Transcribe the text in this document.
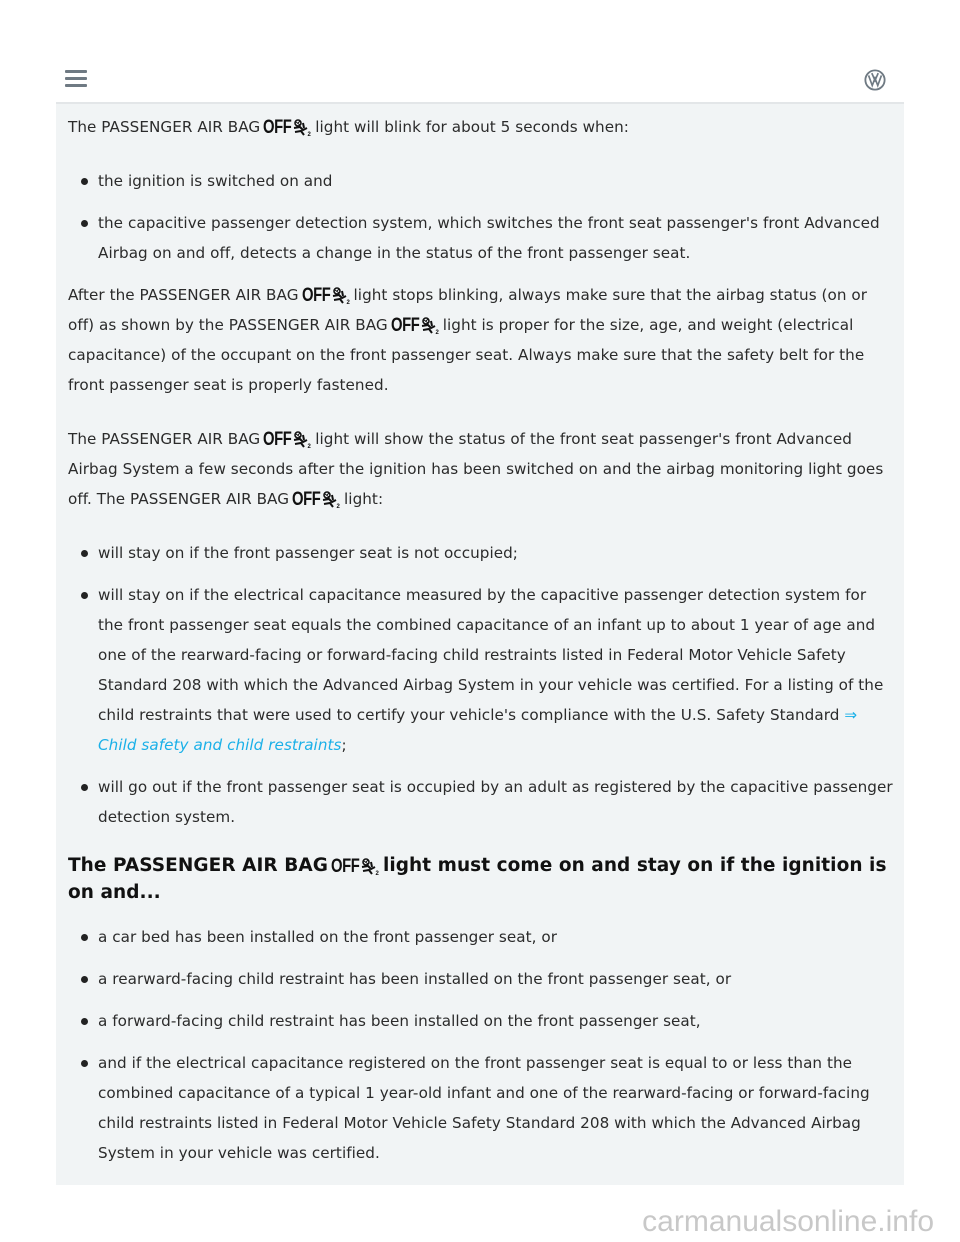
The PASSENGER AIR BAG OFF	2 light will blink for about 5 seconds when:

the ignition is switched on and
the capacitive passenger detection system, which switches the front seat passenger's front Advanced Airbag on and off, detects a change in the status of the front passenger seat.

After the PASSENGER AIR BAG OFF	2 light stops blinking, always make sure that the airbag status (on or off) as shown by the PASSENGER AIR BAG OFF	2 light is proper for the size, age, and weight (electrical capacitance) of the occupant on the front passenger seat. Always make sure that the safety belt for the front passenger seat is properly fastened.

The PASSENGER AIR BAG OFF	2 light will show the status of the front seat passenger's front Advanced Airbag System a few seconds after the ignition has been switched on and the airbag monitoring light goes off. The PASSENGER AIR BAG OFF	2 light:

will stay on if the front passenger seat is not occupied;
will stay on if the electrical capacitance measured by the capacitive passenger detection system for the front passenger seat equals the combined capacitance of an infant up to about 1 year of age and one of the rearward-facing or forward-facing child restraints listed in Federal Motor Vehicle Safety Standard 208 with which the Advanced Airbag System in your vehicle was certified. For a listing of the child restraints that were used to certify your vehicle's compliance with the U.S. Safety Standard ⇒ Child safety and child restraints;
will go out if the front passenger seat is occupied by an adult as registered by the capacitive passenger detection system.
The PASSENGER AIR BAG OFF	2 light must come on and stay on if the ignition is on and...
a car bed has been installed on the front passenger seat, or
a rearward-facing child restraint has been installed on the front passenger seat, or
a forward-facing child restraint has been installed on the front passenger seat,
and if the electrical capacitance registered on the front passenger seat is equal to or less than the combined capacitance of a typical 1 year-old infant and one of the rearward-facing or forward-facing child restraints listed in Federal Motor Vehicle Safety Standard 208 with which the Advanced Airbag System in your vehicle was certified.
carmanualsonline.info
